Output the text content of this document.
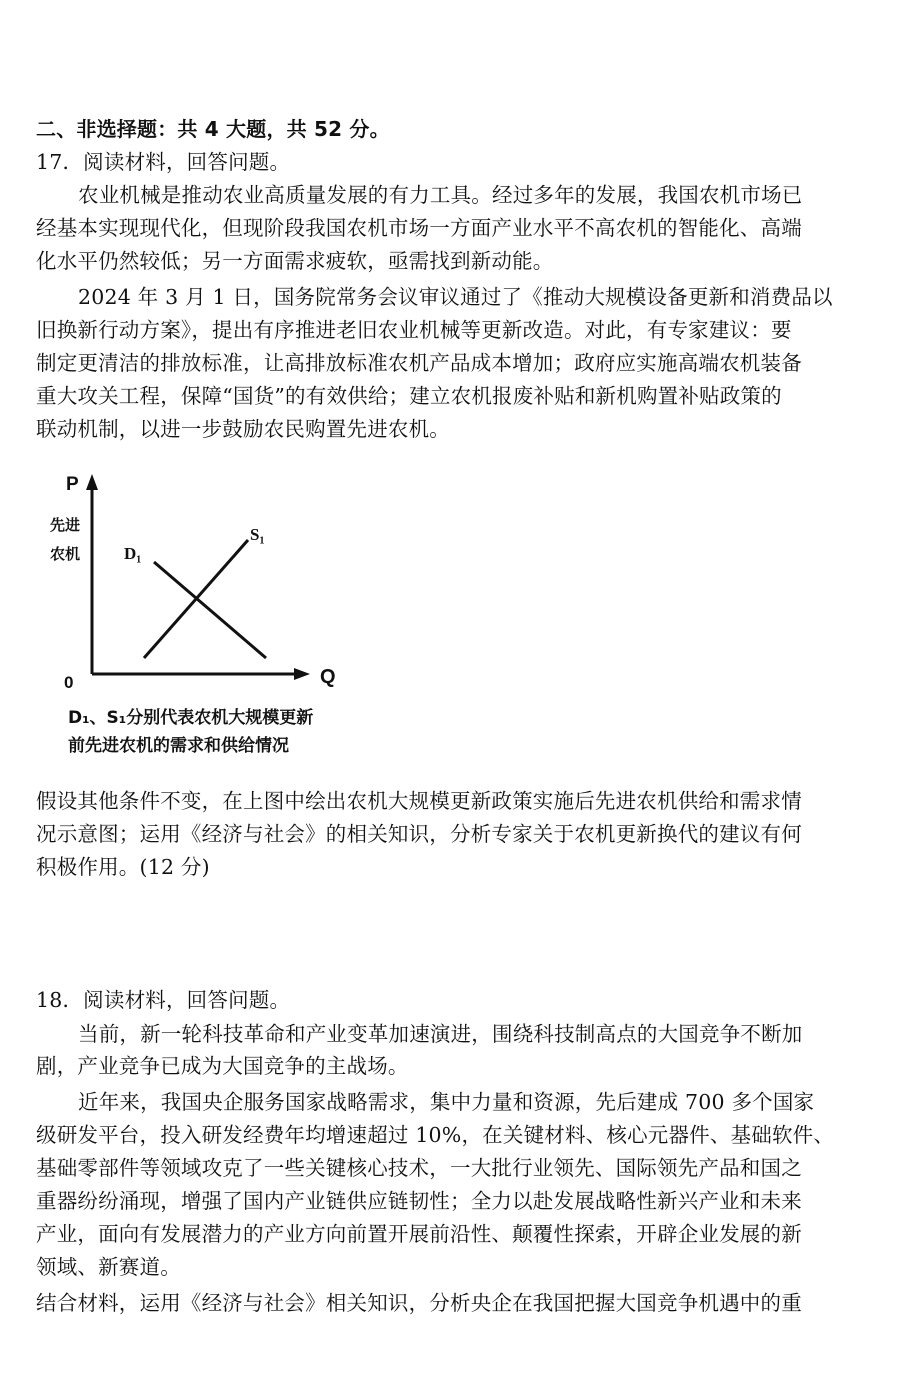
二、非选择题：共 4 大题，共 52 分。
17．阅读材料，回答问题。
农业机械是推动农业高质量发展的有力工具。经过多年的发展，我国农机市场已
经基本实现现代化，但现阶段我国农机市场一方面产业水平不高农机的智能化、高端
化水平仍然较低；另一方面需求疲软，亟需找到新动能。
2024 年 3 月 1 日，国务院常务会议审议通过了《推动大规模设备更新和消费品以
旧换新行动方案》，提出有序推进老旧农业机械等更新改造。对此，有专家建议：要
制定更清洁的排放标准，让高排放标准农机产品成本增加；政府应实施高端农机装备
重大攻关工程，保障“国货”的有效供给；建立农机报废补贴和新机购置补贴政策的
联动机制，以进一步鼓励农民购置先进农机。
P
先进
农机	D₁
S₁
0	Q
D₁、S₁分别代表农机大规模更新
前先进农机的需求和供给情况
假设其他条件不变，在上图中绘出农机大规模更新政策实施后先进农机供给和需求情
况示意图；运用《经济与社会》的相关知识，分析专家关于农机更新换代的建议有何
积极作用。(12 分)
18．阅读材料，回答问题。
当前，新一轮科技革命和产业变革加速演进，围绕科技制高点的大国竞争不断加
剧，产业竞争已成为大国竞争的主战场。
近年来，我国央企服务国家战略需求，集中力量和资源，先后建成 700 多个国家
级研发平台，投入研发经费年均增速超过 10%，在关键材料、核心元器件、基础软件、
基础零部件等领域攻克了一些关键核心技术，一大批行业领先、国际领先产品和国之
重器纷纷涌现，增强了国内产业链供应链韧性；全力以赴发展战略性新兴产业和未来
产业，面向有发展潜力的产业方向前置开展前沿性、颠覆性探索，开辟企业发展的新
领域、新赛道。
结合材料，运用《经济与社会》相关知识，分析央企在我国把握大国竞争机遇中的重
